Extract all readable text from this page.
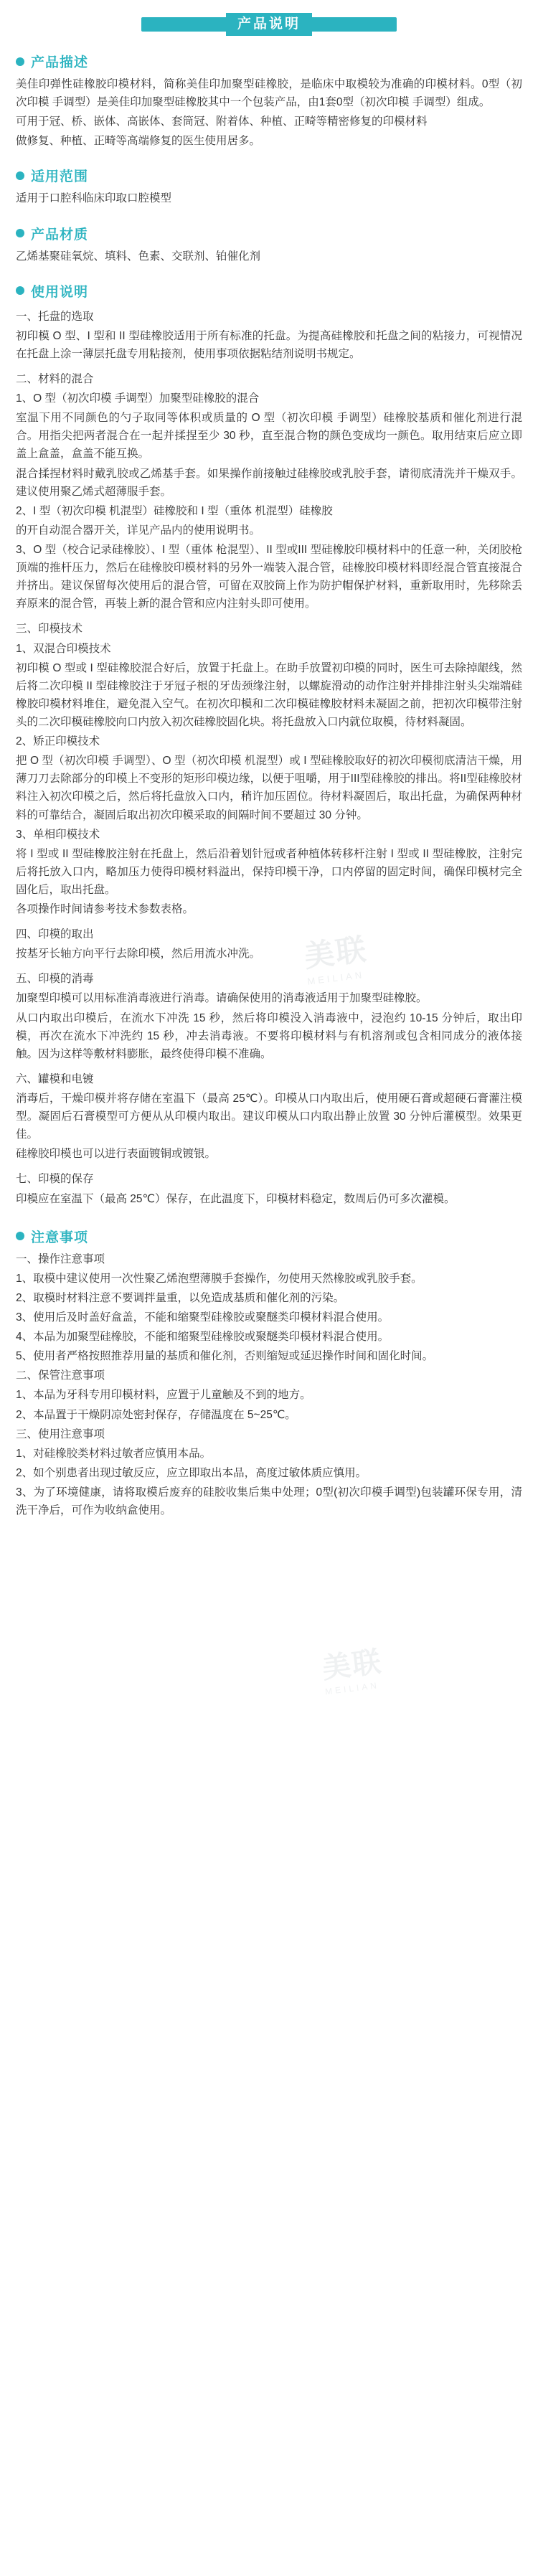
美联
MEILIAN
美联
MEILIAN
产品说明
产品描述

美佳印弹性硅橡胶印模材料，简称美佳印加聚型硅橡胶，是临床中取模较为准确的印模材料。0型（初次印模 手调型）是美佳印加聚型硅橡胶其中一个包装产品，由1套0型（初次印模 手调型）组成。

可用于冠、桥、嵌体、高嵌体、套筒冠、附着体、种植、正畸等精密修复的印模材料

做修复、种植、正畸等高端修复的医生使用居多。

适用范围

适用于口腔科临床印取口腔模型

产品材质

乙烯基聚硅氧烷、填料、色素、交联剂、铂催化剂

使用说明

一、托盘的选取

初印模 O 型、I 型和 II 型硅橡胶适用于所有标准的托盘。为提高硅橡胶和托盘之间的粘接力，可视情况在托盘上涂一薄层托盘专用粘接剂，使用事项依据粘结剂说明书规定。

二、材料的混合

1、O 型（初次印模 手调型）加聚型硅橡胶的混合

室温下用不同颜色的勺子取同等体积或质量的 O 型（初次印模 手调型）硅橡胶基质和催化剂进行混合。用指尖把两者混合在一起并揉捏至少 30 秒，直至混合物的颜色变成均一颜色。取用结束后应立即盖上盒盖，盒盖不能互换。

混合揉捏材料时戴乳胶或乙烯基手套。如果操作前接触过硅橡胶或乳胶手套，请彻底清洗并干燥双手。建议使用聚乙烯式超薄服手套。

2、I 型（初次印模 机混型）硅橡胶和 I 型（重体 机混型）硅橡胶

的开自动混合器开关，详见产品内的使用说明书。

3、O 型（校合记录硅橡胶）、I 型（重体 枪混型）、II 型或III 型硅橡胶印模材料中的任意一种，关闭胶枪顶端的推杆压力，然后在硅橡胶印模材料的另外一端装入混合管，硅橡胶印模材料即经混合管直接混合并挤出。建议保留每次使用后的混合管，可留在双胶筒上作为防护帽保护材料，重新取用时，先移除丢弃原来的混合管，再装上新的混合管和应内注射头即可使用。

三、印模技术

1、双混合印模技术

初印模 O 型或 I 型硅橡胶混合好后，放置于托盘上。在助手放置初印模的同时，医生可去除掉龈线，然后将二次印模 II 型硅橡胶注于牙冠子根的牙齿颈缘注射，以螺旋滑动的动作注射并排排注射头尖端端硅橡胶印模材料堆住，避免混入空气。在初次印模和二次印模硅橡胶材料未凝固之前，把初次印模带注射头的二次印模硅橡胶向口内放入初次硅橡胶固化块。将托盘放入口内就位取模，待材料凝固。

2、矫正印模技术

把 O 型（初次印模 手调型）、O 型（初次印模 机混型）或 I 型硅橡胶取好的初次印模彻底清洁干燥，用薄刀刀去除部分的印模上不变形的矩形印模边缘，以便于咀嚼，用于III型硅橡胶的排出。将II型硅橡胶材料注入初次印模之后，然后将托盘放入口内，稍许加压固位。待材料凝固后，取出托盘，为确保两种材料的可靠结合，凝固后取出初次印模采取的间隔时间不要超过 30 分钟。

3、单相印模技术

将 I 型或 II 型硅橡胶注射在托盘上，然后沿着划针冠或者种植体转移杆注射 I 型或 II 型硅橡胶，注射完后将托放入口内，略加压力使得印模材料溢出，保持印模干净，口内停留的固定时间，确保印模材完全固化后，取出托盘。

各项操作时间请参考技术参数表格。

四、印模的取出

按基牙长轴方向平行去除印模，然后用流水冲洗。

五、印模的消毒

加聚型印模可以用标准消毒液进行消毒。请确保使用的消毒液适用于加聚型硅橡胶。

从口内取出印模后，在流水下冲洗 15 秒，然后将印模没入消毒液中，浸泡约 10-15 分钟后，取出印模，再次在流水下冲洗约 15 秒，冲去消毒液。不要将印模材料与有机溶剂或包含相同成分的液体接触。因为这样等敷材料膨胀，最终使得印模不准确。

六、罐模和电镀

消毒后，干燥印模并将存储在室温下（最高 25℃）。印模从口内取出后，使用硬石膏或超硬石膏灌注模型。凝固后石膏模型可方便从从印模内取出。建议印模从口内取出静止放置 30 分钟后灌模型。效果更佳。

硅橡胶印模也可以进行表面镀铜或镀银。

七、印模的保存

印模应在室温下（最高 25℃）保存，在此温度下，印模材料稳定，数周后仍可多次灌模。

注意事项

一、操作注意事项

1、取模中建议使用一次性聚乙烯泡塑薄膜手套操作，勿使用天然橡胶或乳胶手套。

2、取模时材料注意不要调拌量重，以免造成基质和催化剂的污染。

3、使用后及时盖好盒盖，不能和缩聚型硅橡胶或聚醚类印模材料混合使用。

4、本品为加聚型硅橡胶，不能和缩聚型硅橡胶或聚醚类印模材料混合使用。

5、使用者严格按照推荐用量的基质和催化剂，否则缩短或延迟操作时间和固化时间。

二、保管注意事项

1、本品为牙科专用印模材料，应置于儿童触及不到的地方。

2、本品置于干燥阴凉处密封保存，存储温度在 5~25℃。

三、使用注意事项

1、对硅橡胶类材料过敏者应慎用本品。

2、如个别患者出现过敏反应，应立即取出本品，高度过敏体质应慎用。

3、为了环境健康，请将取模后废弃的硅胶收集后集中处理；0型(初次印模手调型)包装罐环保专用，清洗干净后，可作为收纳盒使用。
